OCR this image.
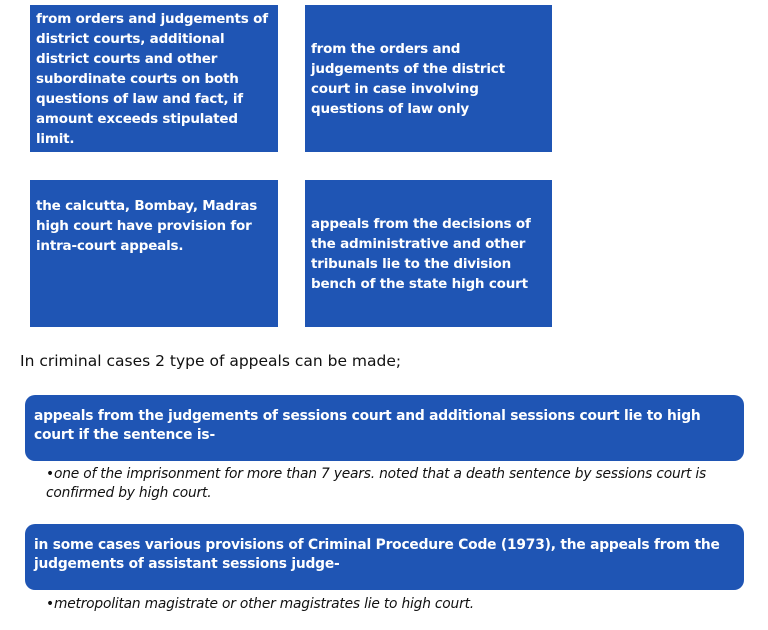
from orders and judgements of district courts, additional district courts and other subordinate courts on both questions of law and fact, if amount exceeds stipulated limit.
from the orders and judgements of the district court in case involving questions of law only
the calcutta, Bombay, Madras high court have provision for intra-court appeals.
appeals from the decisions of the administrative and other tribunals lie to the division bench of the state high court
In criminal cases 2 type of appeals can be made;
appeals from the judgements of sessions court and additional sessions court lie to high court if the sentence is-
•one of the imprisonment for more than 7 years. noted that a death sentence by sessions court is confirmed by high court.
in some cases various provisions of Criminal Procedure Code (1973), the appeals from the judgements of assistant sessions judge-
•metropolitan magistrate or other magistrates lie to high court.
